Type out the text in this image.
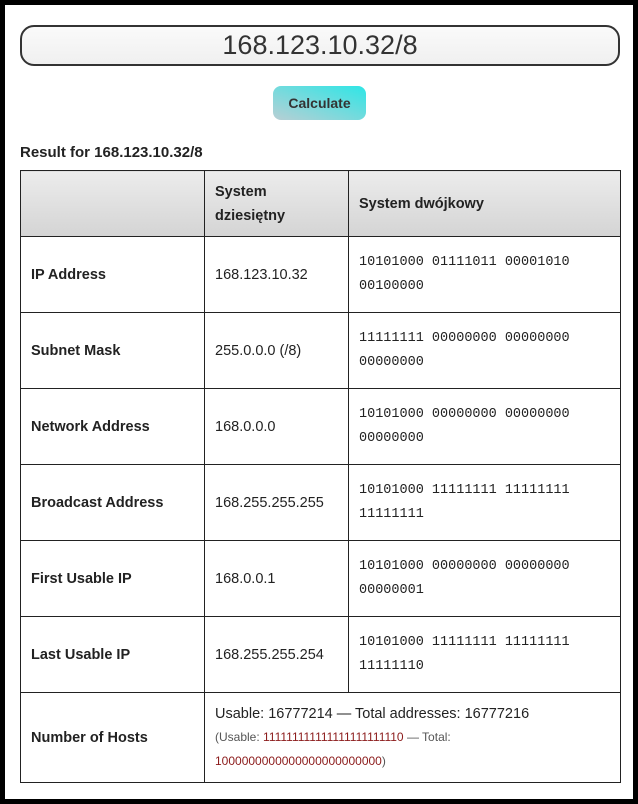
168.123.10.32/8
Calculate
Result for 168.123.10.32/8
	System dziesiętny	System dwójkowy
IP Address	168.123.10.32	10101000 01111011 00001010 00100000
Subnet Mask	255.0.0.0 (/8)	11111111 00000000 00000000 00000000
Network Address	168.0.0.0	10101000 00000000 00000000 00000000
Broadcast Address	168.255.255.255	10101000 11111111 11111111 11111111
First Usable IP	168.0.0.1	10101000 00000000 00000000 00000001
Last Usable IP	168.255.255.254	10101000 11111111 11111111 11111110
Number of Hosts	Usable: 16777214 — Total addresses: 16777216
(Usable: 111111111111111111111110 — Total: 1000000000000000000000000)	
